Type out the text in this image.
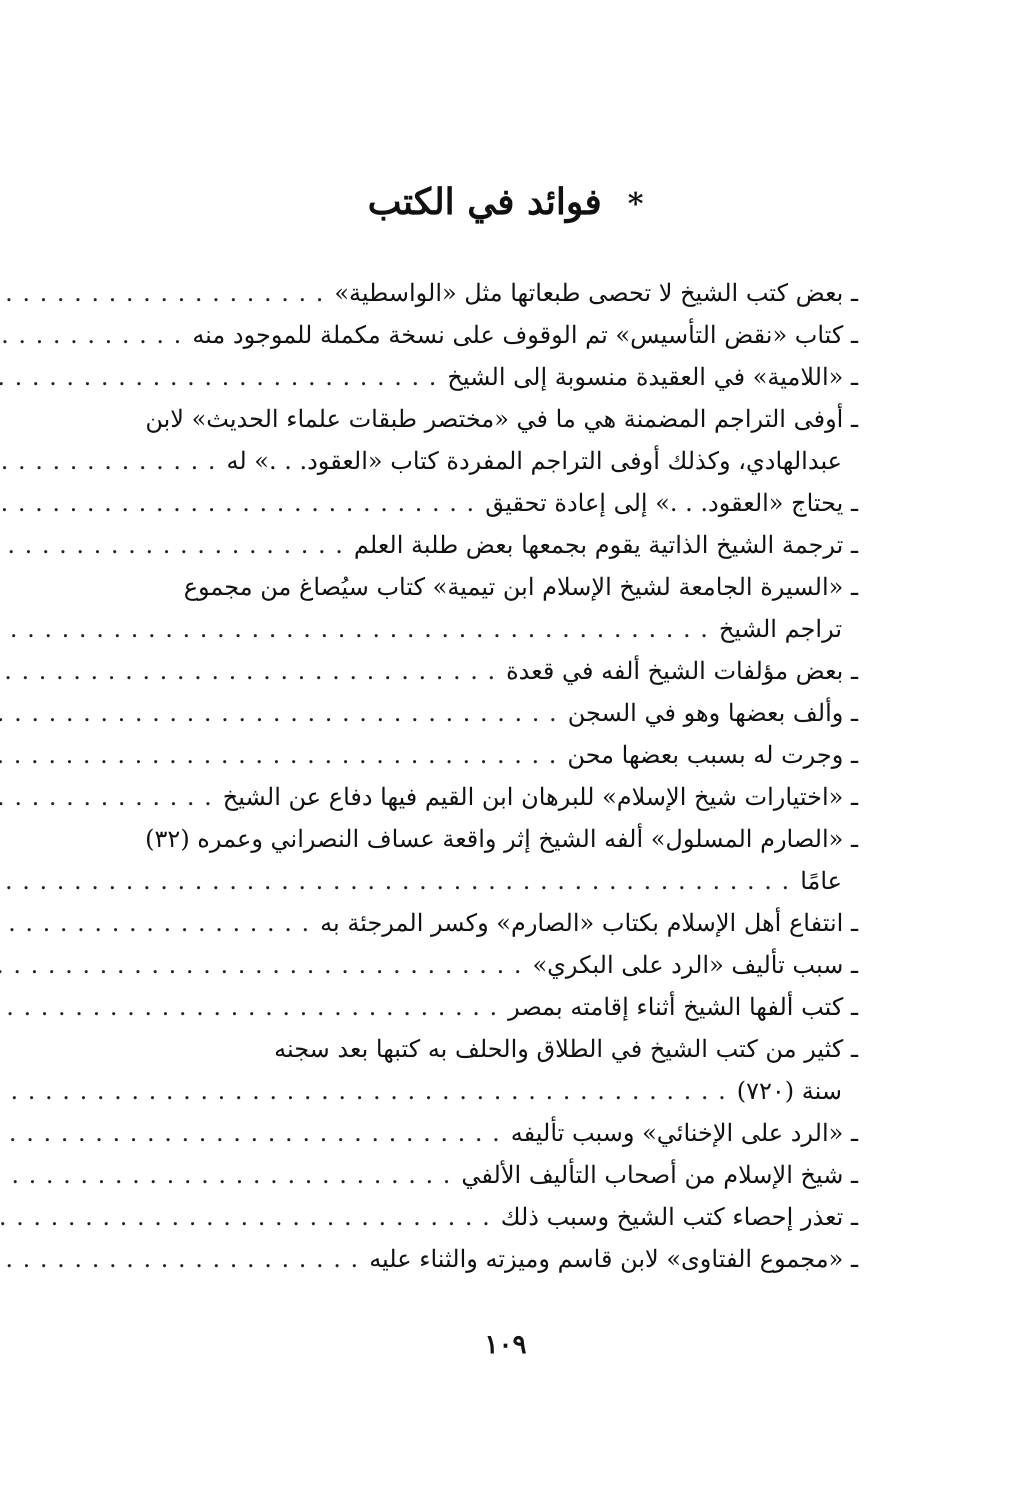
*فوائد في الكتب
ـ بعض كتب الشيخ لا تحصى طبعاتها مثل «الواسطية»
. . .
ـ كتاب «نقض التأسيس» تم الوقوف على نسخة مكملة للموجود منه
. . .
ـ «اللامية» في العقيدة منسوبة إلى الشيخ
. . .
ـ أوفى التراجم المضمنة هي ما في «مختصر طبقات علماء الحديث» لابن
عبدالهادي، وكذلك أوفى التراجم المفردة كتاب «العقود. . .» له
. . .
ـ يحتاج «العقود. . .» إلى إعادة تحقيق
. . .
ـ ترجمة الشيخ الذاتية يقوم بجمعها بعض طلبة العلم
. . .
ـ «السيرة الجامعة لشيخ الإسلام ابن تيمية» كتاب سيُصاغ من مجموع
تراجم الشيخ
. . .
ـ بعض مؤلفات الشيخ ألفه في قعدة
. . .
ـ وألف بعضها وهو في السجن
. . .
ـ وجرت له بسبب بعضها محن
. . .
ـ «اختيارات شيخ الإسلام» للبرهان ابن القيم فيها دفاع عن الشيخ
. . .
ـ «الصارم المسلول» ألفه الشيخ إثر واقعة عساف النصراني وعمره (٣٢)
عامًا
. . .
ـ انتفاع أهل الإسلام بكتاب «الصارم» وكسر المرجئة به
. . .
ـ سبب تأليف «الرد على البكري»
. . .
ـ كتب ألفها الشيخ أثناء إقامته بمصر
. . .
ـ كثير من كتب الشيخ في الطلاق والحلف به كتبها بعد سجنه
سنة (٧٢٠)
. . .
ـ «الرد على الإخنائي» وسبب تأليفه
. . .
ـ شيخ الإسلام من أصحاب التأليف الألفي
. . .
ـ تعذر إحصاء كتب الشيخ وسبب ذلك
. . .
ـ «مجموع الفتاوى» لابن قاسم وميزته والثناء عليه
. . .
١٠٩
